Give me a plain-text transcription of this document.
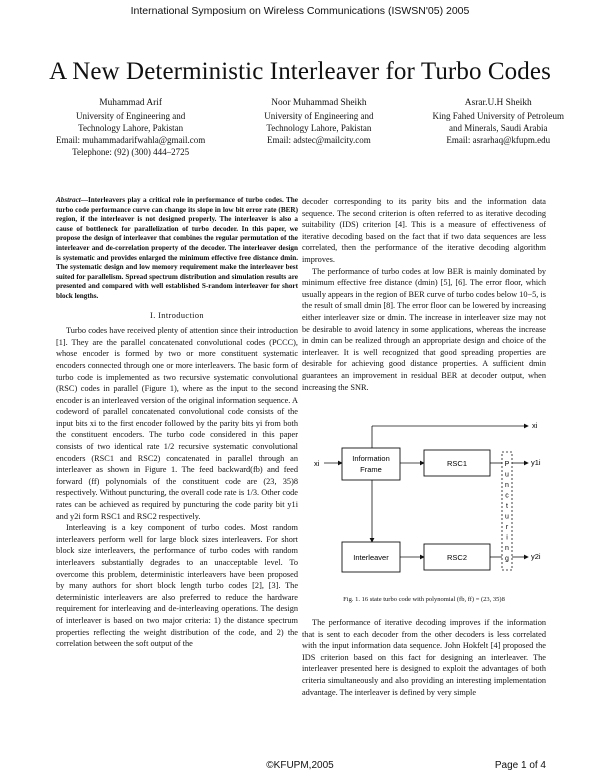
International Symposium on Wireless Communications (ISWSN'05) 2005
A New Deterministic Interleaver for Turbo Codes
Muhammad Arif
University of Engineering and
Technology Lahore, Pakistan
Email: muhammadarifwahla@gmail.com
Telephone: (92) (300) 444–2725
Noor Muhammad Sheikh
University of Engineering and
Technology Lahore, Pakistan
Email: adstec@mailcity.com
Asrar.U.H Sheikh
King Fahed University of Petroleum
and Minerals, Saudi Arabia
Email: asrarhaq@kfupm.edu
Abstract—Interleavers play a critical role in performance of turbo codes. The turbo code performance curve can change its slope in low bit error rate (BER) region, if the interleaver is not designed properly. The interleaver is also a cause of bottleneck for parallelization of turbo decoder. In this paper, we propose the design of interleaver that combines the regular permutation of the interleaver and de-correlation property of the decoder. The interleaver design is systematic and provides enlarged the minimum effective free distance dmin. The systematic design and low memory requirement make the interleaver best suited for parallelism. Spread spectrum distribution and simulation results are presented and compared with well established S-random interleaver for short block lengths.
I. Introduction

Turbo codes have received plenty of attention since their introduction [1]. They are the parallel concatenated convolutional codes (PCCC), whose encoder is formed by two or more constituent systematic encoders connected through one or more interleavers. The basic form of turbo code is implemented as two recursive systematic convolutional (RSC) codes in parallel (Figure 1), where as the input to the second encoder is an interleaved version of the original information sequence. A codeword of parallel concatenated convolutional code consists of the input bits xi to the first encoder followed by the parity bits yi from both the constituent encoders. The turbo code considered in this paper consists of two identical rate 1/2 recursive systematic convolutional encoders (RSC1 and RSC2) concatenated in parallel through an interleaver as shown in Figure 1. The feed backward(fb) and feed forward (ff) polynomials of the constituent code are (23, 35)8 respectively. Without puncturing, the overall code rate is 1/3. Other code rates can be achieved as required by puncturing the code parity bit y1i and y2i form RSC1 and RSC2 respectively.

Interleaving is a key component of turbo codes. Most random interleavers perform well for large block sizes interleavers. For short block size interleavers, the performance of turbo codes with random interleavers substantially degrades to an unacceptable level. To overcome this problem, deterministic interleavers have been proposed by many authors for short block length turbo codes [2], [3]. The deterministic interleavers are also preferred to reduce the hardware requirement for interleaving and de-interleaving operations. The design of interleaver is based on two major criteria: 1) the distance spectrum properties reflecting the weight distribution of the code, and 2) the correlation between the soft output of the

decoder corresponding to its parity bits and the information data sequence. The second criterion is often referred to as iterative decoding suitability (IDS) criterion [4]. This is a measure of effectiveness of iterative decoding based on the fact that if two data sequences are less correlated, then the performance of the iterative decoding algorithm improves.

The performance of turbo codes at low BER is mainly dominated by minimum effective free distance (dmin) [5], [6]. The error floor, which usually appears in the region of BER curve of turbo codes below 10−5, is the result of small dmin [8]. The error floor can be lowered by increasing either interleaver size or dmin. The increase in interleaver size may not be desirable to avoid latency in some applications, whereas the increase in dmin can be realized through an appropriate design and choice of the interleaver. It is well recognized that good spreading properties are desirable for achieving good distance properties. A sufficient dmin guarantees an improvement in residual BER at decoder output, when increasing the SNR.

xi
Information
Frame
xi
RSC1
Interleaver	RSC2
P
u
n
c
t
u
r
i
n
g
y1i
y2i
Fig. 1. 16 state turbo code with polynomial (fb, ff) = (23, 35)8

The performance of iterative decoding improves if the information that is sent to each decoder from the other decoders is less correlated with the input information data sequence. John Hokfelt [4] proposed the IDS criterion based on this fact for designing an interleaver. The interleaver presented here is designed to exploit the advantages of both criteria simultaneously and also providing an interesting implementation advantage. The interleaver is defined by very simple

©KFUPM,2005	Page 1 of 4
